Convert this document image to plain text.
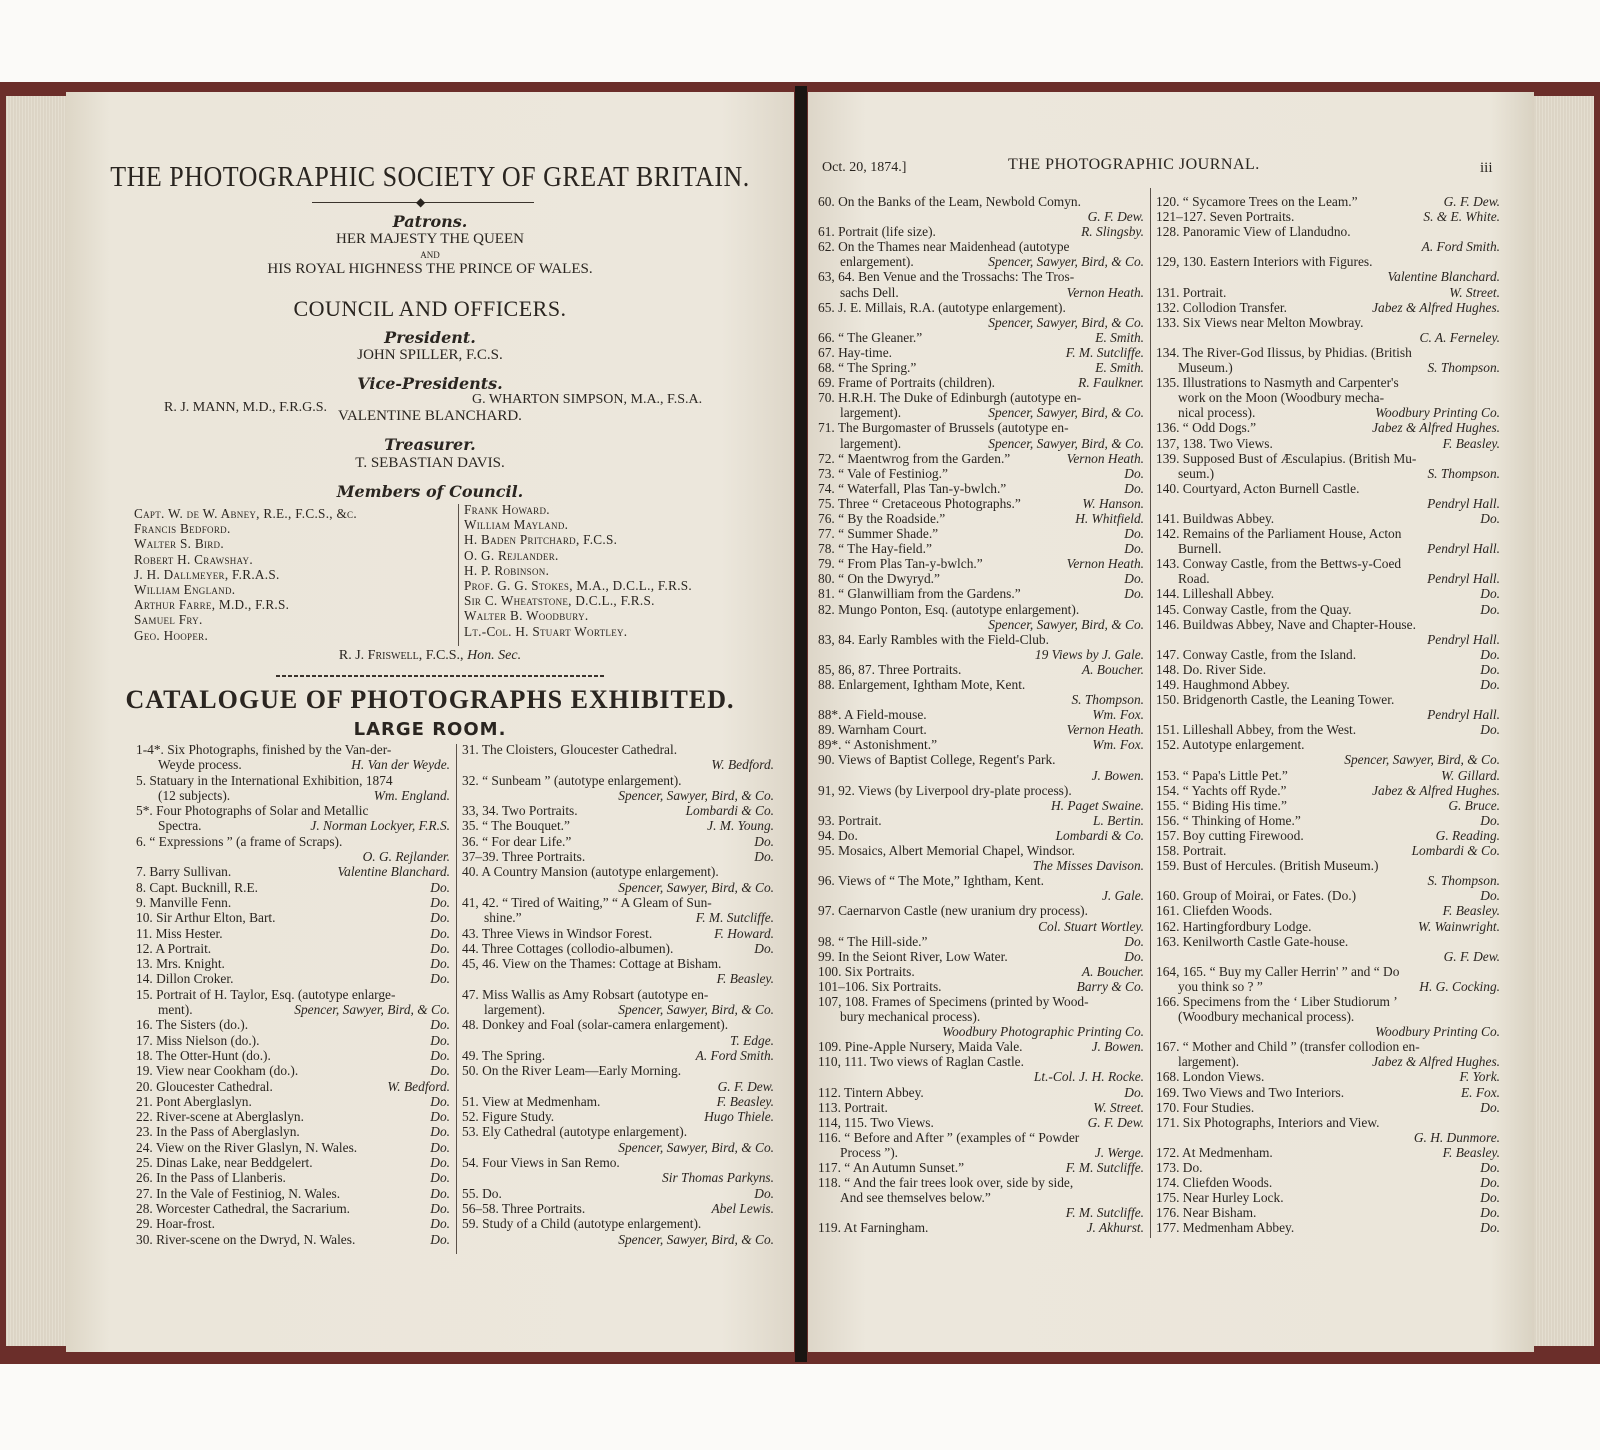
THE PHOTOGRAPHIC SOCIETY OF GREAT BRITAIN.
◆
Patrons.
HER MAJESTY THE QUEEN
AND
HIS ROYAL HIGHNESS THE PRINCE OF WALES.
COUNCIL AND OFFICERS.
President.
JOHN SPILLER, F.C.S.
Vice-Presidents.
R. J. MANN, M.D., F.R.G.S.
G. WHARTON SIMPSON, M.A., F.S.A.
VALENTINE BLANCHARD.
Treasurer.
T. SEBASTIAN DAVIS.
Members of Council.
Capt. W. de W. Abney, R.E., F.C.S., &c.
Francis Bedford.
Walter S. Bird.
Robert H. Crawshay.
J. H. Dallmeyer, F.R.A.S.
William England.
Arthur Farre, M.D., F.R.S.
Samuel Fry.
Geo. Hooper.
Frank Howard.
William Mayland.
H. Baden Pritchard, F.C.S.
O. G. Rejlander.
H. P. Robinson.
Prof. G. G. Stokes, M.A., D.C.L., F.R.S.
Sir C. Wheatstone, D.C.L., F.R.S.
Walter B. Woodbury.
Lt.-Col. H. Stuart Wortley.
R. J. Friswell, F.C.S., Hon. Sec.
CATALOGUE OF PHOTOGRAPHS EXHIBITED.
LARGE ROOM.
1-4*. Six Photographs, finished by the Van-der-
Weyde process.	H. Van der Weyde.
5. Statuary in the International Exhibition, 1874
(12 subjects).	Wm. England.
5*. Four Photographs of Solar and Metallic
Spectra.	J. Norman Lockyer, F.R.S.
6. “ Expressions ” (a frame of Scraps).
O. G. Rejlander.
7. Barry Sullivan.	Valentine Blanchard.
8. Capt. Bucknill, R.E.	Do.
9. Manville Fenn.	Do.
10. Sir Arthur Elton, Bart.	Do.
11. Miss Hester.	Do.
12. A Portrait.	Do.
13. Mrs. Knight.	Do.
14. Dillon Croker.	Do.
15. Portrait of H. Taylor, Esq. (autotype enlarge-
ment).	Spencer, Sawyer, Bird, & Co.
16. The Sisters (do.).	Do.
17. Miss Nielson (do.).	Do.
18. The Otter-Hunt (do.).	Do.
19. View near Cookham (do.).	Do.
20. Gloucester Cathedral.	W. Bedford.
21. Pont Aberglaslyn.	Do.
22. River-scene at Aberglaslyn.	Do.
23. In the Pass of Aberglaslyn.	Do.
24. View on the River Glaslyn, N. Wales.	Do.
25. Dinas Lake, near Beddgelert.	Do.
26. In the Pass of Llanberis.	Do.
27. In the Vale of Festiniog, N. Wales.	Do.
28. Worcester Cathedral, the Sacrarium.	Do.
29. Hoar-frost.	Do.
30. River-scene on the Dwryd, N. Wales.	Do.
31. The Cloisters, Gloucester Cathedral.
W. Bedford.
32. “ Sunbeam ” (autotype enlargement).
Spencer, Sawyer, Bird, & Co.
33, 34. Two Portraits.	Lombardi & Co.
35. “ The Bouquet.”	J. M. Young.
36. “ For dear Life.”	Do.
37–39. Three Portraits.	Do.
40. A Country Mansion (autotype enlargement).
Spencer, Sawyer, Bird, & Co.
41, 42. “ Tired of Waiting,” “ A Gleam of Sun-
shine.”	F. M. Sutcliffe.
43. Three Views in Windsor Forest.	F. Howard.
44. Three Cottages (collodio-albumen).	Do.
45, 46. View on the Thames: Cottage at Bisham.
F. Beasley.
47. Miss Wallis as Amy Robsart (autotype en-
largement).	Spencer, Sawyer, Bird, & Co.
48. Donkey and Foal (solar-camera enlargement).
T. Edge.
49. The Spring.	A. Ford Smith.
50. On the River Leam—Early Morning.
G. F. Dew.
51. View at Medmenham.	F. Beasley.
52. Figure Study.	Hugo Thiele.
53. Ely Cathedral (autotype enlargement).
Spencer, Sawyer, Bird, & Co.
54. Four Views in San Remo.
Sir Thomas Parkyns.
55. Do.	Do.
56–58. Three Portraits.	Abel Lewis.
59. Study of a Child (autotype enlargement).
Spencer, Sawyer, Bird, & Co.
Oct. 20, 1874.]	THE PHOTOGRAPHIC JOURNAL.	iii
60. On the Banks of the Leam, Newbold Comyn.
G. F. Dew.
61. Portrait (life size).	R. Slingsby.
62. On the Thames near Maidenhead (autotype
enlargement).	Spencer, Sawyer, Bird, & Co.
63, 64. Ben Venue and the Trossachs: The Tros-
sachs Dell.	Vernon Heath.
65. J. E. Millais, R.A. (autotype enlargement).
Spencer, Sawyer, Bird, & Co.
66. “ The Gleaner.”	E. Smith.
67. Hay-time.	F. M. Sutcliffe.
68. “ The Spring.”	E. Smith.
69. Frame of Portraits (children).	R. Faulkner.
70. H.R.H. The Duke of Edinburgh (autotype en-
largement).	Spencer, Sawyer, Bird, & Co.
71. The Burgomaster of Brussels (autotype en-
largement).	Spencer, Sawyer, Bird, & Co.
72. “ Maentwrog from the Garden.”	Vernon Heath.
73. “ Vale of Festiniog.”	Do.
74. “ Waterfall, Plas Tan-y-bwlch.”	Do.
75. Three “ Cretaceous Photographs.”	W. Hanson.
76. “ By the Roadside.”	H. Whitfield.
77. “ Summer Shade.”	Do.
78. “ The Hay-field.”	Do.
79. “ From Plas Tan-y-bwlch.”	Vernon Heath.
80. “ On the Dwyryd.”	Do.
81. “ Glanwilliam from the Gardens.”	Do.
82. Mungo Ponton, Esq. (autotype enlargement).
Spencer, Sawyer, Bird, & Co.
83, 84. Early Rambles with the Field-Club.
19 Views by J. Gale.
85, 86, 87. Three Portraits.	A. Boucher.
88. Enlargement, Ightham Mote, Kent.
S. Thompson.
88*. A Field-mouse.	Wm. Fox.
89. Warnham Court.	Vernon Heath.
89*. “ Astonishment.”	Wm. Fox.
90. Views of Baptist College, Regent's Park.
J. Bowen.
91, 92. Views (by Liverpool dry-plate process).
H. Paget Swaine.
93. Portrait.	L. Bertin.
94. Do.	Lombardi & Co.
95. Mosaics, Albert Memorial Chapel, Windsor.
The Misses Davison.
96. Views of “ The Mote,” Ightham, Kent.
J. Gale.
97. Caernarvon Castle (new uranium dry process).
Col. Stuart Wortley.
98. “ The Hill-side.”	Do.
99. In the Seiont River, Low Water.	Do.
100. Six Portraits.	A. Boucher.
101–106. Six Portraits.	Barry & Co.
107, 108. Frames of Specimens (printed by Wood-
bury mechanical process).
Woodbury Photographic Printing Co.
109. Pine-Apple Nursery, Maida Vale.	J. Bowen.
110, 111. Two views of Raglan Castle.
Lt.-Col. J. H. Rocke.
112. Tintern Abbey.	Do.
113. Portrait.	W. Street.
114, 115. Two Views.	G. F. Dew.
116. “ Before and After ” (examples of “ Powder
Process ”).	J. Werge.
117. “ An Autumn Sunset.”	F. M. Sutcliffe.
118. “ And the fair trees look over, side by side,
And see themselves below.”
F. M. Sutcliffe.
119. At Farningham.	J. Akhurst.
120. “ Sycamore Trees on the Leam.”	G. F. Dew.
121–127. Seven Portraits.	S. & E. White.
128. Panoramic View of Llandudno.
A. Ford Smith.
129, 130. Eastern Interiors with Figures.
Valentine Blanchard.
131. Portrait.	W. Street.
132. Collodion Transfer.	Jabez & Alfred Hughes.
133. Six Views near Melton Mowbray.
C. A. Ferneley.
134. The River-God Ilissus, by Phidias. (British
Museum.)	S. Thompson.
135. Illustrations to Nasmyth and Carpenter's
work on the Moon (Woodbury mecha-
nical process).	Woodbury Printing Co.
136. “ Odd Dogs.”	Jabez & Alfred Hughes.
137, 138. Two Views.	F. Beasley.
139. Supposed Bust of Æsculapius. (British Mu-
seum.)	S. Thompson.
140. Courtyard, Acton Burnell Castle.
Pendryl Hall.
141. Buildwas Abbey.	Do.
142. Remains of the Parliament House, Acton
Burnell.	Pendryl Hall.
143. Conway Castle, from the Bettws-y-Coed
Road.	Pendryl Hall.
144. Lilleshall Abbey.	Do.
145. Conway Castle, from the Quay.	Do.
146. Buildwas Abbey, Nave and Chapter-House.
Pendryl Hall.
147. Conway Castle, from the Island.	Do.
148. Do. River Side.	Do.
149. Haughmond Abbey.	Do.
150. Bridgenorth Castle, the Leaning Tower.
Pendryl Hall.
151. Lilleshall Abbey, from the West.	Do.
152. Autotype enlargement.
Spencer, Sawyer, Bird, & Co.
153. “ Papa's Little Pet.”	W. Gillard.
154. “ Yachts off Ryde.”	Jabez & Alfred Hughes.
155. “ Biding His time.”	G. Bruce.
156. “ Thinking of Home.”	Do.
157. Boy cutting Firewood.	G. Reading.
158. Portrait.	Lombardi & Co.
159. Bust of Hercules. (British Museum.)
S. Thompson.
160. Group of Moirai, or Fates. (Do.)	Do.
161. Cliefden Woods.	F. Beasley.
162. Hartingfordbury Lodge.	W. Wainwright.
163. Kenilworth Castle Gate-house.
G. F. Dew.
164, 165. “ Buy my Caller Herrin' ” and “ Do
you think so ? ”	H. G. Cocking.
166. Specimens from the ‘ Liber Studiorum ’
(Woodbury mechanical process).
Woodbury Printing Co.
167. “ Mother and Child ” (transfer collodion en-
largement).	Jabez & Alfred Hughes.
168. London Views.	F. York.
169. Two Views and Two Interiors.	E. Fox.
170. Four Studies.	Do.
171. Six Photographs, Interiors and View.
G. H. Dunmore.
172. At Medmenham.	F. Beasley.
173. Do.	Do.
174. Cliefden Woods.	Do.
175. Near Hurley Lock.	Do.
176. Near Bisham.	Do.
177. Medmenham Abbey.	Do.
